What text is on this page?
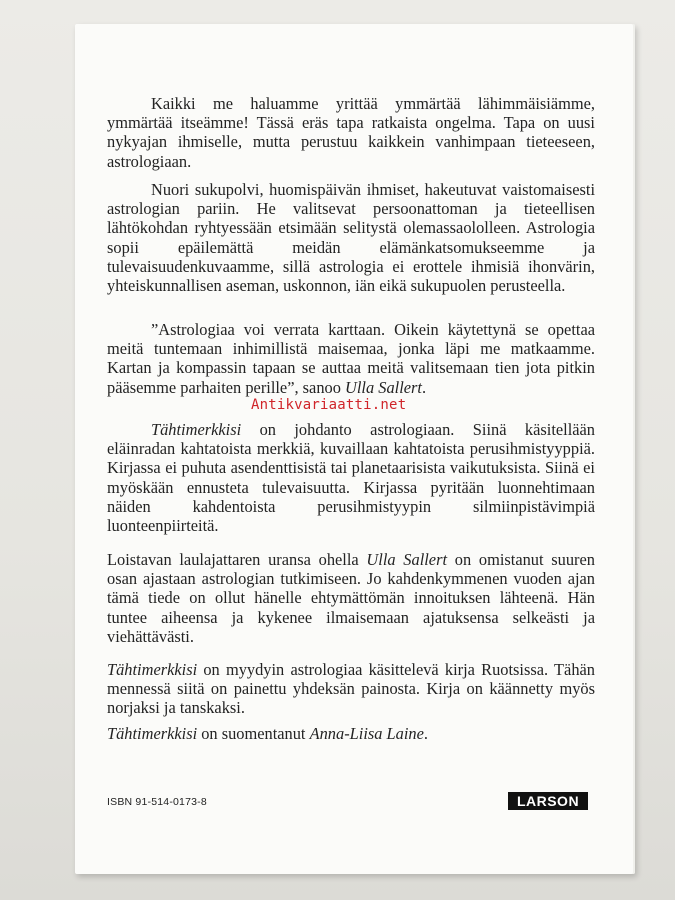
Kaikki me haluamme yrittää ymmärtää lähimmäisiämme, ymmärtää itseämme! Tässä eräs tapa ratkaista ongelma. Tapa on uusi nykyajan ihmiselle, mutta perustuu kaikkein vanhimpaan tieteeseen, astrologiaan.

Nuori sukupolvi, huomispäivän ihmiset, hakeutuvat vaistomaisesti astrologian pariin. He valitsevat persoonattoman ja tieteellisen lähtökohdan ryhtyessään etsimään selitystä olemassaololleen. Astrologia sopii epäilemättä meidän elämänkatsomukseemme ja tulevaisuudenkuvaamme, sillä astrologia ei erottele ihmisiä ihonvärin, yhteiskunnallisen aseman, uskonnon, iän eikä sukupuolen perusteella.

”Astrologiaa voi verrata karttaan. Oikein käytettynä se opettaa meitä tuntemaan inhimillistä maisemaa, jonka läpi me matkaamme. Kartan ja kompassin tapaan se auttaa meitä valitsemaan tien jota pitkin pääsemme parhaiten perille”, sanoo Ulla Sallert.

Tähtimerkkisi on johdanto astrologiaan. Siinä käsitellään eläinradan kahtatoista merkkiä, kuvaillaan kahtatoista perusihmistyyppiä. Kirjassa ei puhuta asendenttisistä tai planetaarisista vaikutuksista. Siinä ei myöskään ennusteta tulevaisuutta. Kirjassa pyritään luonnehtimaan näiden kahdentoista perusihmistyypin silmiinpistävimpiä luonteenpiirteitä.

Loistavan laulajattaren uransa ohella Ulla Sallert on omistanut suuren osan ajastaan astrologian tutkimiseen. Jo kahdenkymmenen vuoden ajan tämä tiede on ollut hänelle ehtymättömän innoituksen lähteenä. Hän tuntee aiheensa ja kykenee ilmaisemaan ajatuksensa selkeästi ja viehättävästi.

Tähtimerkkisi on myydyin astrologiaa käsittelevä kirja Ruotsissa. Tähän mennessä siitä on painettu yhdeksän painosta. Kirja on käännetty myös norjaksi ja tanskaksi.

Tähtimerkkisi on suomentanut Anna-Liisa Laine.

Antikvariaatti.net
ISBN 91-514-0173-8	LARSON
